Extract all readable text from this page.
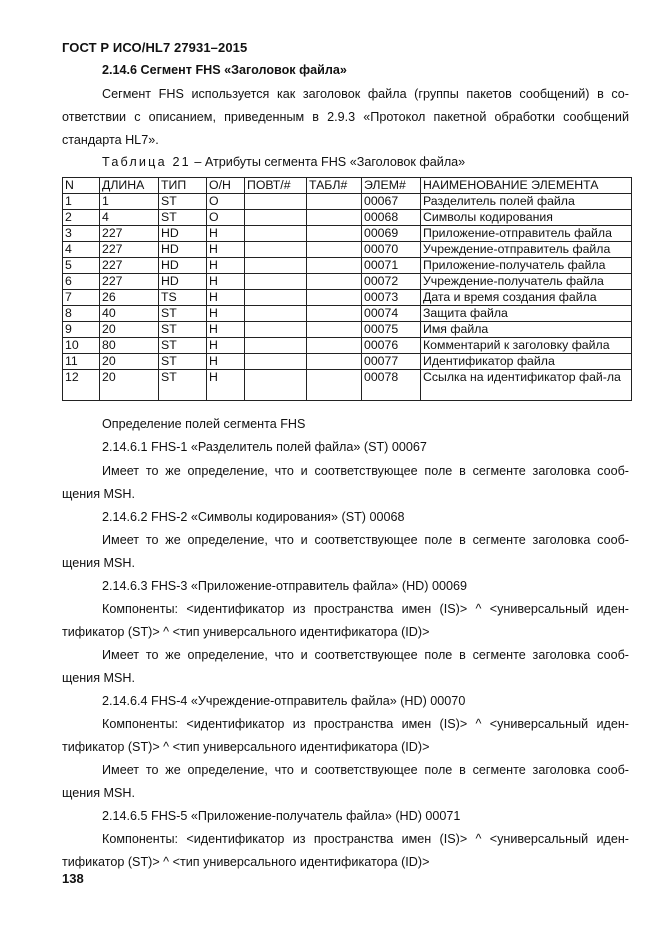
ГОСТ Р ИСО/HL7 27931–2015
2.14.6 Сегмент FHS «Заголовок файла»
Сегмент FHS используется как заголовок файла (группы пакетов сообщений) в со-
ответствии с описанием, приведенным в 2.9.3 «Протокол пакетной обработки сообщений
стандарта HL7».
Таблица 21 – Атрибуты сегмента FHS «Заголовок файла»
N	ДЛИНА	ТИП	О/Н	ПОВТ/#	ТАБЛ#	ЭЛЕМ#	НАИМЕНОВАНИЕ ЭЛЕМЕНТА
1	1	ST	О			00067	Разделитель полей файла
2	4	ST	О			00068	Символы кодирования
3	227	HD	Н			00069	Приложение-отправитель файла
4	227	HD	Н			00070	Учреждение-отправитель файла
5	227	HD	Н			00071	Приложение-получатель файла
6	227	HD	Н			00072	Учреждение-получатель файла
7	26	TS	Н			00073	Дата и время создания файла
8	40	ST	Н			00074	Защита файла
9	20	ST	Н			00075	Имя файла
10	80	ST	Н			00076	Комментарий к заголовку файла
11	20	ST	Н			00077	Идентификатор файла
12	20	ST	Н			00078	Ссылка на идентификатор фай-ла
Определение полей сегмента FHS
2.14.6.1 FHS-1 «Разделитель полей файла» (ST) 00067
Имеет то же определение, что и соответствующее поле в сегменте заголовка сооб-
щения MSH.
2.14.6.2 FHS-2 «Символы кодирования» (ST) 00068
Имеет то же определение, что и соответствующее поле в сегменте заголовка сооб-
щения MSH.
2.14.6.3 FHS-3 «Приложение-отправитель файла» (HD) 00069
Компоненты: <идентификатор из пространства имен (IS)> ^ <универсальный иден-
тификатор (ST)> ^ <тип универсального идентификатора (ID)>
Имеет то же определение, что и соответствующее поле в сегменте заголовка сооб-
щения MSH.
2.14.6.4 FHS-4 «Учреждение-отправитель файла» (HD) 00070
Компоненты: <идентификатор из пространства имен (IS)> ^ <универсальный иден-
тификатор (ST)> ^ <тип универсального идентификатора (ID)>
Имеет то же определение, что и соответствующее поле в сегменте заголовка сооб-
щения MSH.
2.14.6.5 FHS-5 «Приложение-получатель файла» (HD) 00071
Компоненты: <идентификатор из пространства имен (IS)> ^ <универсальный иден-
тификатор (ST)> ^ <тип универсального идентификатора (ID)>
138
